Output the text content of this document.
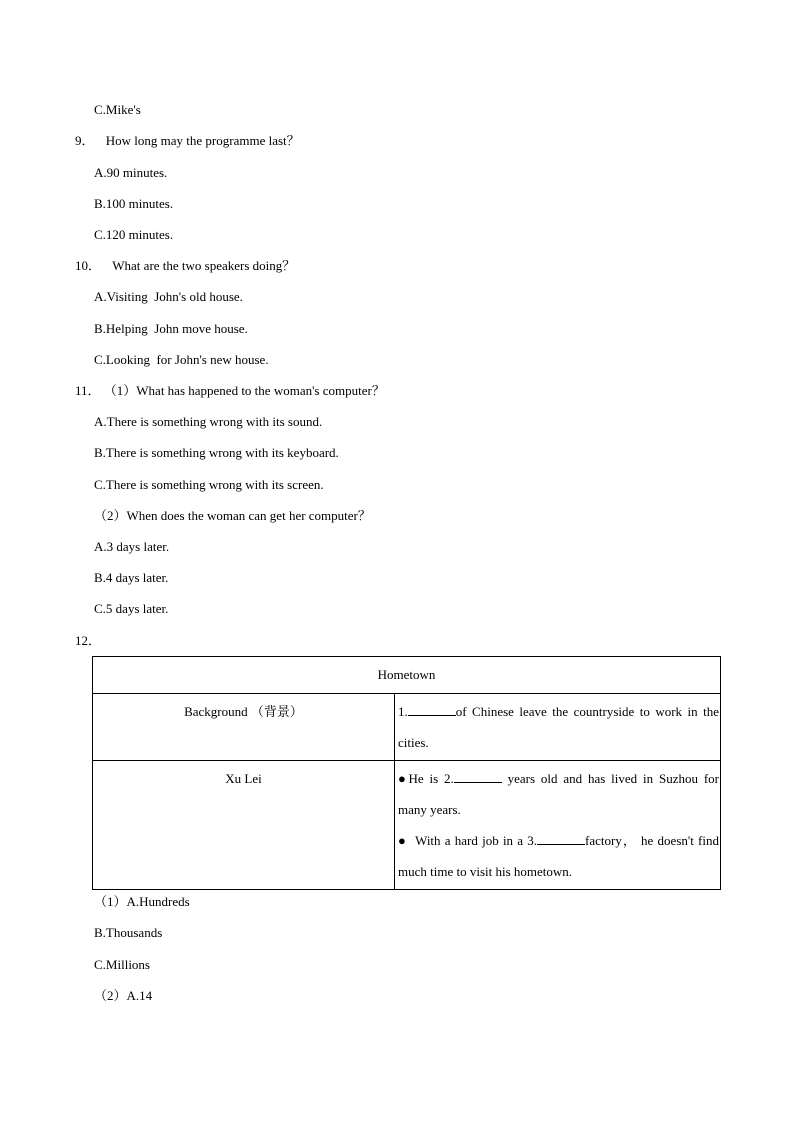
C.Mike's
9． How long may the programme last？
A.90 minutes.
B.100 minutes.
C.120 minutes.
10． What are the two speakers doing？
A.Visiting  John's old house.
B.Helping  John move house.
C.Looking  for John's new house.
11． （1）What has happened to the woman's computer？
A.There is something wrong with its sound.
B.There is something wrong with its keyboard.
C.There is something wrong with its screen.
（2）When does the woman can get her computer？
A.3 days later.
B.4 days later.
C.5 days later.
12．
Hometown	
Background （背景）	1. of Chinese leave the countryside to work in the cities.
Xu Lei	●He is 2. years old and has lived in Suzhou for many years.
●  With a hard job in a 3. factory， he doesn't find much time to visit his hometown.
（1）A.Hundreds
B.Thousands
C.Millions
（2）A.14
